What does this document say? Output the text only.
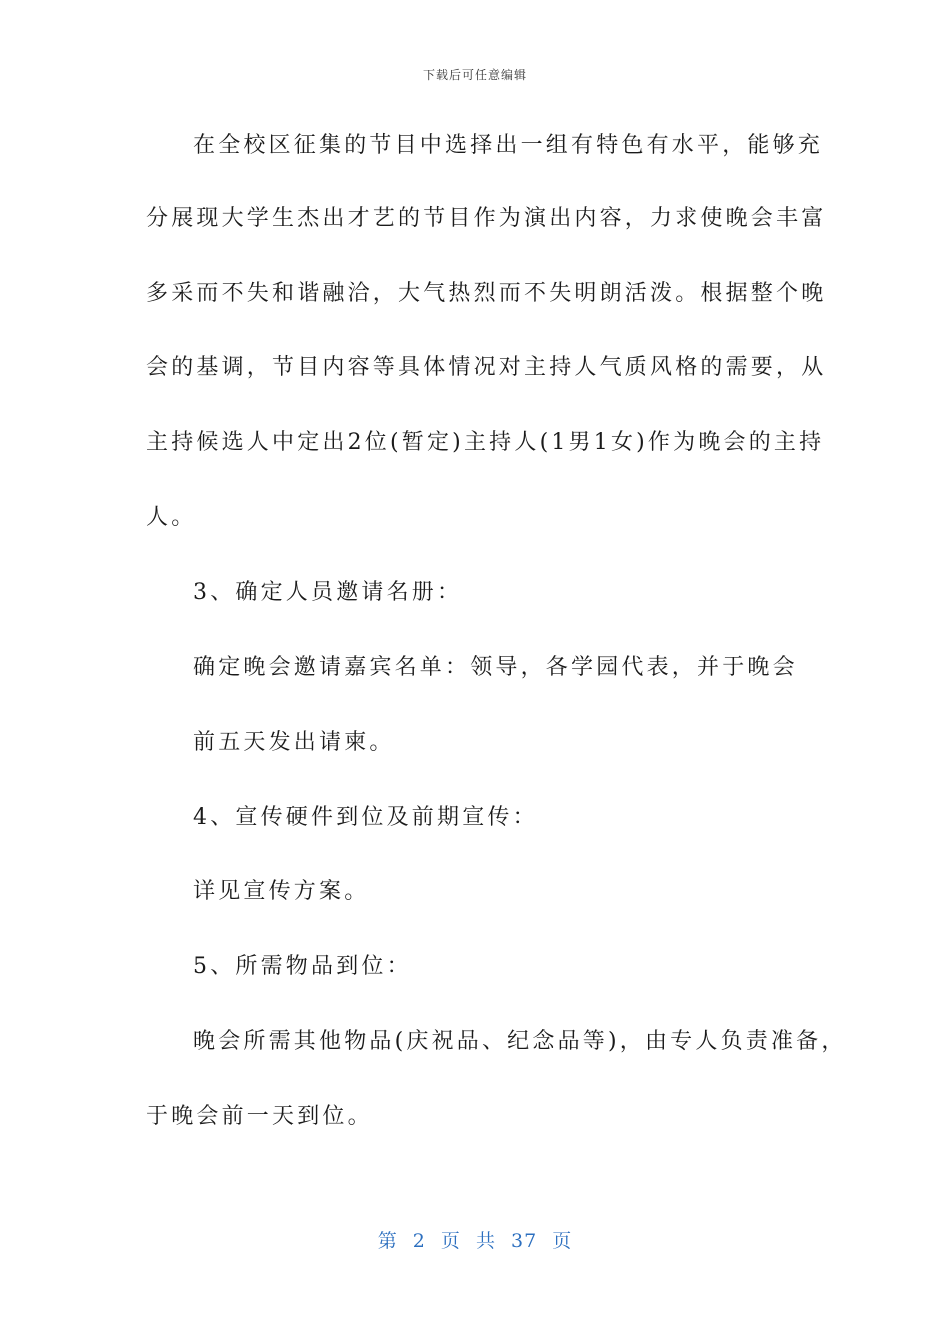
下载后可任意编辑
在全校区征集的节目中选择出一组有特色有水平，能够充
分展现大学生杰出才艺的节目作为演出内容，力求使晚会丰富
多采而不失和谐融洽，大气热烈而不失明朗活泼。根据整个晚
会的基调，节目内容等具体情况对主持人气质风格的需要，从
主持候选人中定出2位(暂定)主持人(1男1女)作为晚会的主持
人。
3、确定人员邀请名册：
确定晚会邀请嘉宾名单：领导，各学园代表，并于晚会
前五天发出请柬。
4、宣传硬件到位及前期宣传：
详见宣传方案。
5、所需物品到位：
晚会所需其他物品(庆祝品、纪念品等)，由专人负责准备，
于晚会前一天到位。
第 2 页 共 37 页
